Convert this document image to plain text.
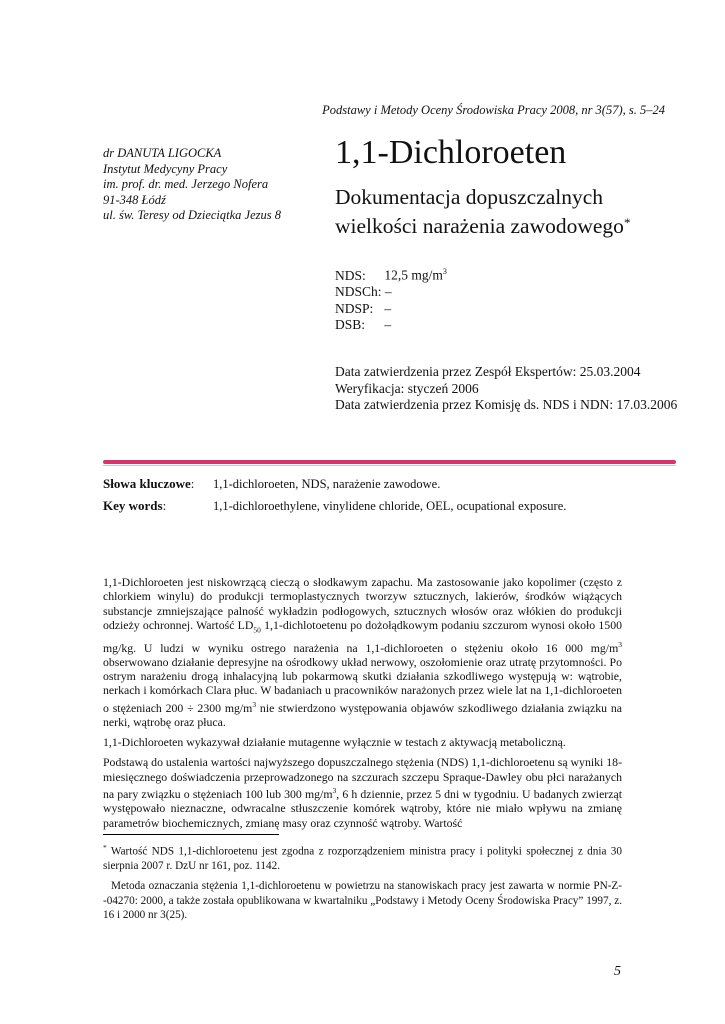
Podstawy i Metody Oceny Środowiska Pracy 2008, nr 3(57), s. 5–24
dr DANUTA LIGOCKA
Instytut Medycyny Pracy
im. prof. dr. med. Jerzego Nofera
91-348 Łódź
ul. św. Teresy od Dzieciątka Jezus 8
1,1-Dichloroeten
Dokumentacja dopuszczalnych
wielkości narażenia zawodowego*
NDS: 12,5 $mg/m^3$
NDSCh: –
NDSP: –
DSB: –
Data zatwierdzenia przez Zespół Ekspertów: 25.03.2004
Weryfikacja: styczeń 2006
Data zatwierdzenia przez Komisję ds. NDS i NDN: 17.03.2006
Słowa kluczowe: 1,1-dichloroeten, NDS, narażenie zawodowe.
Key words:	1,1-dichloroethylene, vinylidene chloride, OEL, ocupational exposure.

1,1-Dichloroeten jest niskowrzącą cieczą o słodkawym zapachu. Ma zastosowanie jako kopolimer (często z chlorkiem winylu) do produkcji termoplastycznych tworzyw sztucznych, lakierów, środków wiążących substancje zmniejszające palność wykładzin podłogowych, sztucznych włosów oraz włókien do produkcji odzieży ochronnej. Wartość $LD_{50}$ 1,1-dichlotoetenu po dożołądkowym podaniu szczurom wynosi około 1500 mg/kg. U ludzi w wyniku ostrego narażenia na 1,1-dichloroeten o stężeniu około 16 000 $mg/m^3$ obserwowano działanie depresyjne na ośrodkowy układ nerwowy, oszołomienie oraz utratę przytomności. Po ostrym narażeniu drogą inhalacyjną lub pokarmową skutki działania szkodliwego występują w: wątrobie, nerkach i komórkach Clara płuc. W badaniach u pracowników narażonych przez wiele lat na 1,1-dichloroeten o stężeniach 200 ÷ 2300 $mg/m^3$ nie stwierdzono występowania objawów szkodliwego działania związku na nerki, wątrobę oraz płuca.

1,1-Dichloroeten wykazywał działanie mutagenne wyłącznie w testach z aktywacją metaboliczną.

Podstawą do ustalenia wartości najwyższego dopuszczalnego stężenia (NDS) 1,1-dichloroetenu są wyniki 18-miesięcznego doświadczenia przeprowadzonego na szczurach szczepu Spraque-Dawley obu płci narażanych na pary związku o stężeniach 100 lub 300 $mg/m^3$, 6 h dziennie, przez 5 dni w tygodniu. U badanych zwierząt występowało nieznaczne, odwracalne stłuszczenie komórek wątroby, które nie miało wpływu na zmianę parametrów biochemicznych, zmianę masy oraz czynność wątroby. Wartość

* Wartość NDS 1,1-dichloroetenu jest zgodna z rozporządzeniem ministra pracy i polityki społecznej z dnia 30 sierpnia 2007 r. DzU nr 161, poz. 1142.

Metoda oznaczania stężenia 1,1-dichloroetenu w powietrzu na stanowiskach pracy jest zawarta w normie PN-Z--04270: 2000, a także została opublikowana w kwartalniku „Podstawy i Metody Oceny Środowiska Pracy” 1997, z. 16 i 2000 nr 3(25).

5
